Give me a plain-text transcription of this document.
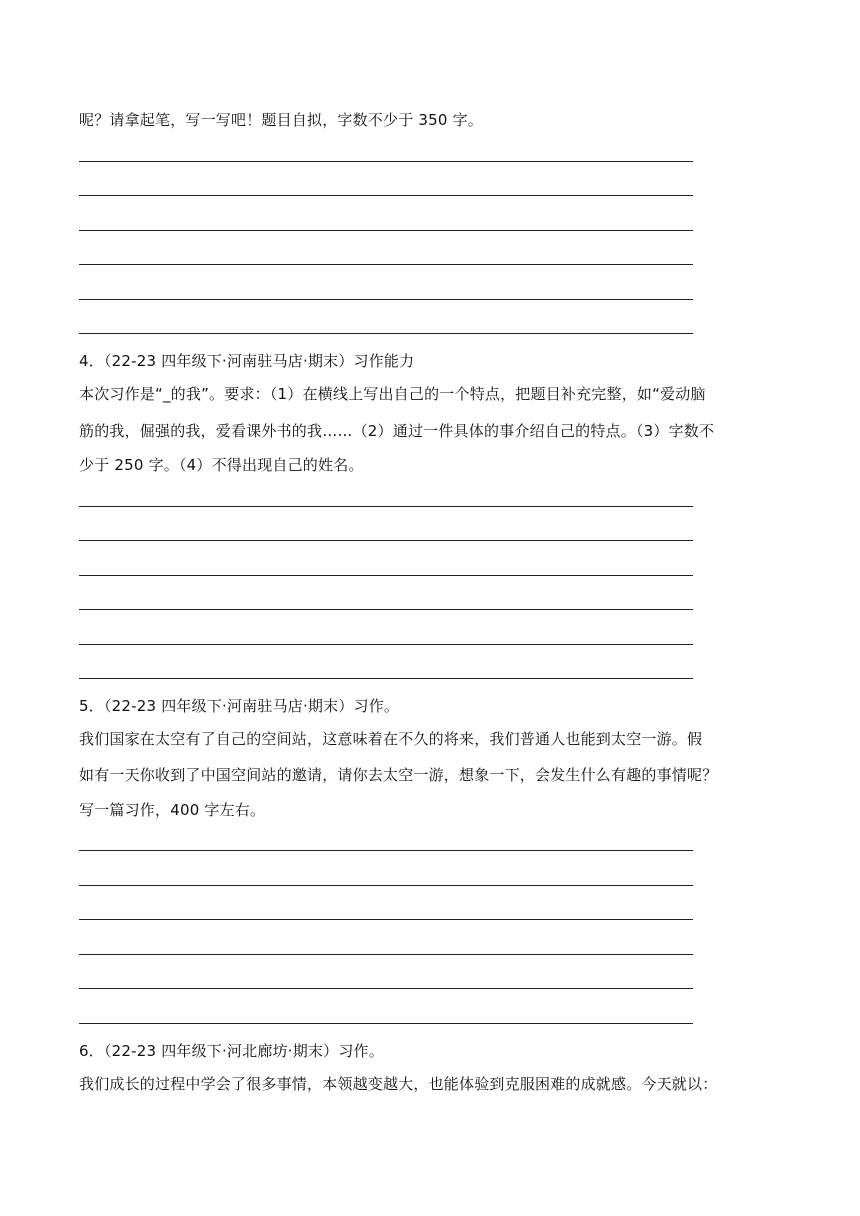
呢？请拿起笔，写一写吧！题目自拟，字数不少于 350 字。
4．（22-23 四年级下·河南驻马店·期末）习作能力
本次习作是“_的我”。要求：（1）在横线上写出自己的一个特点，把题目补充完整，如“爱动脑
筋的我，倔强的我，爱看课外书的我……（2）通过一件具体的事介绍自己的特点。（3）字数不
少于 250 字。（4）不得出现自己的姓名。
5．（22-23 四年级下·河南驻马店·期末）习作。
我们国家在太空有了自己的空间站，这意味着在不久的将来，我们普通人也能到太空一游。假
如有一天你收到了中国空间站的邀请，请你去太空一游，想象一下，会发生什么有趣的事情呢？
写一篇习作，400 字左右。
6．（22-23 四年级下·河北廊坊·期末）习作。
我们成长的过程中学会了很多事情，本领越变越大，也能体验到克服困难的成就感。今天就以：
